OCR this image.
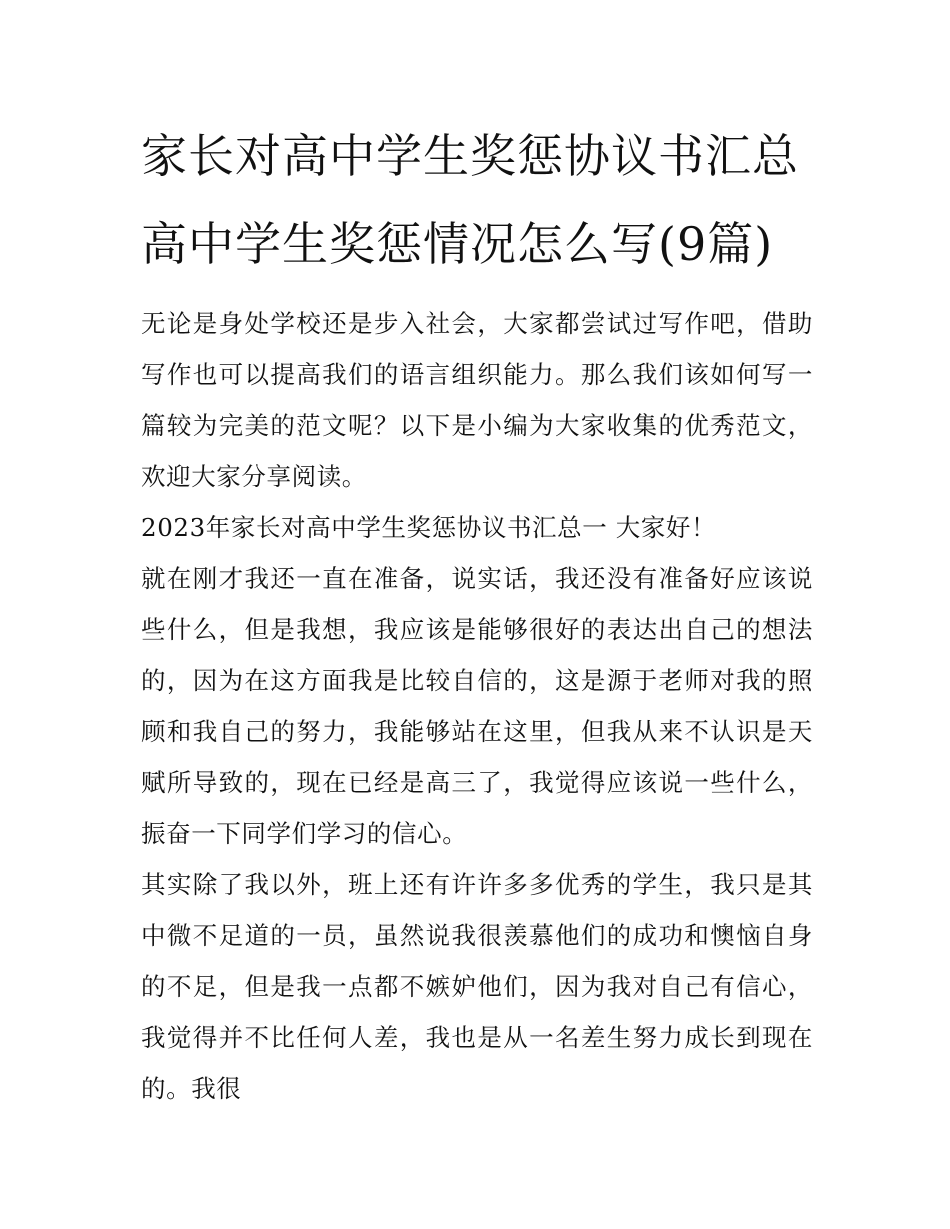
家长对高中学生奖惩协议书汇总 高中学生奖惩情况怎么写(9篇)

无论是身处学校还是步入社会，大家都尝试过写作吧，借助写作也可以提高我们的语言组织能力。那么我们该如何写一篇较为完美的范文呢？以下是小编为大家收集的优秀范文，欢迎大家分享阅读。

2023年家长对高中学生奖惩协议书汇总一 大家好！

就在刚才我还一直在准备，说实话，我还没有准备好应该说些什么，但是我想，我应该是能够很好的表达出自己的想法的，因为在这方面我是比较自信的，这是源于老师对我的照顾和我自己的努力，我能够站在这里，但我从来不认识是天赋所导致的，现在已经是高三了，我觉得应该说一些什么，振奋一下同学们学习的信心。

其实除了我以外，班上还有许许多多优秀的学生，我只是其中微不足道的一员，虽然说我很羡慕他们的成功和懊恼自身的不足，但是我一点都不嫉妒他们，因为我对自己有信心，我觉得并不比任何人差，我也是从一名差生努力成长到现在的。我很
